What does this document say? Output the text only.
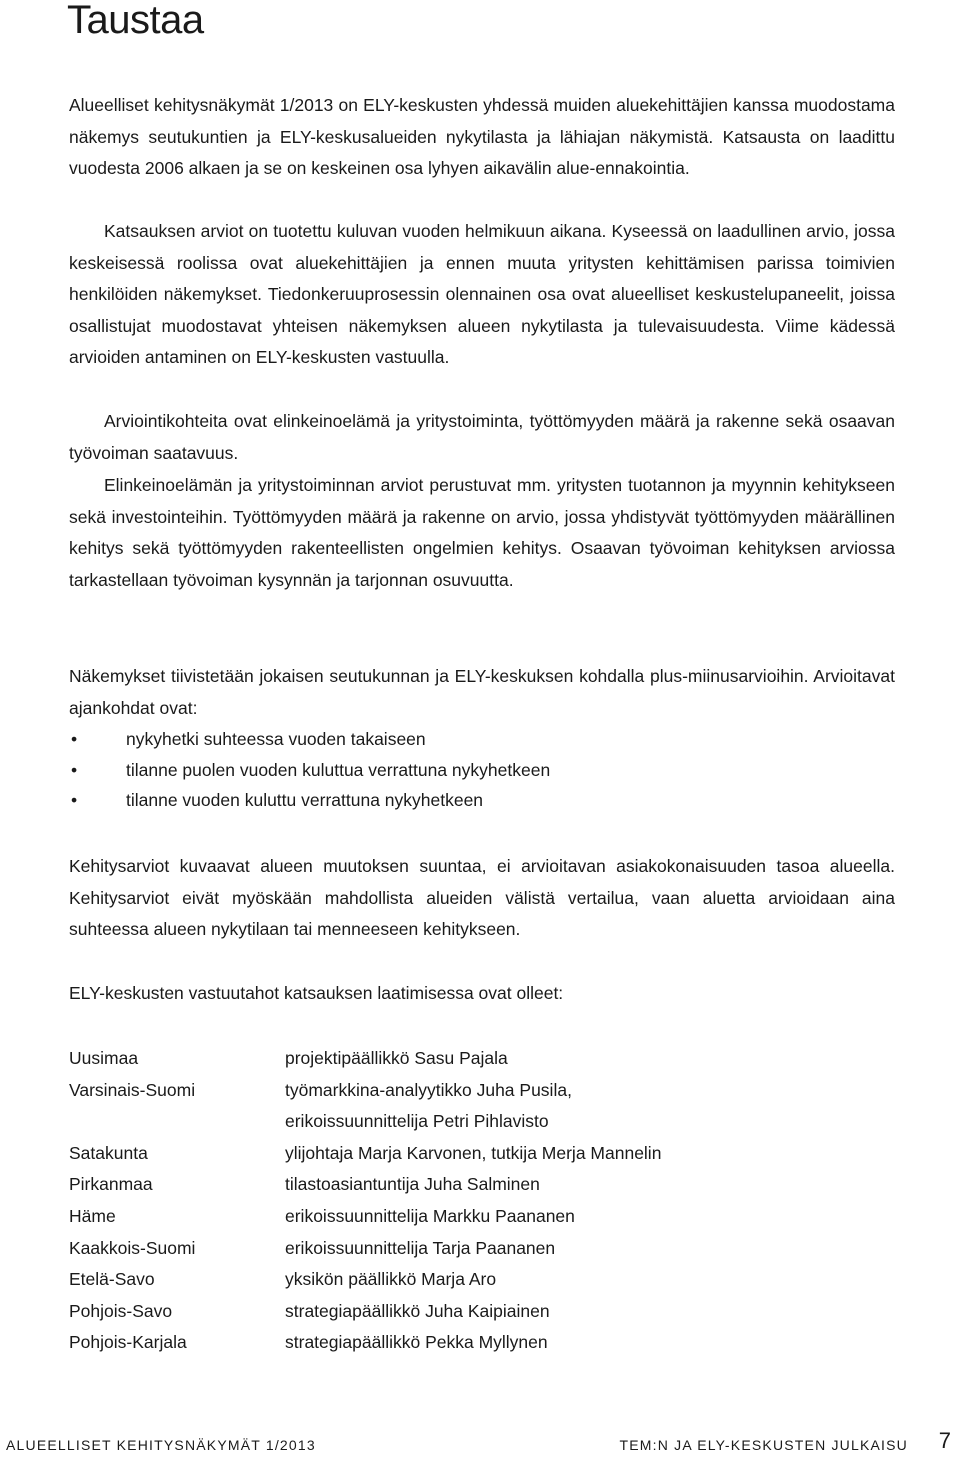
Taustaa

Alueelliset kehitysnäkymät 1/2013 on ELY-keskusten yhdessä muiden aluekehittäjien kanssa muodostama näkemys seutukuntien ja ELY-keskusalueiden nykytilasta ja lähiajan näkymistä. Katsausta on laadittu vuodesta 2006 alkaen ja se on keskeinen osa lyhyen aikavälin alue-ennakointia.

Katsauksen arviot on tuotettu kuluvan vuoden helmikuun aikana. Kyseessä on laadullinen arvio, jossa keskeisessä roolissa ovat aluekehittäjien ja ennen muuta yritysten kehittämisen parissa toimivien henkilöiden näkemykset. Tiedonkeruuprosessin olennainen osa ovat alueelliset keskustelupaneelit, joissa osallistujat muodostavat yhteisen näkemyksen alueen nykytilasta ja tulevaisuudesta. Viime kädessä arvioiden antaminen on ELY-keskusten vastuulla.

Arviointikohteita ovat elinkeinoelämä ja yritystoiminta, työttömyyden määrä ja rakenne sekä osaavan työvoiman saatavuus.

Elinkeinoelämän ja yritystoiminnan arviot perustuvat mm. yritysten tuotannon ja myynnin kehitykseen sekä investointeihin. Työttömyyden määrä ja rakenne on arvio, jossa yhdistyvät työttömyyden määrällinen kehitys sekä työttömyyden rakenteellisten ongelmien kehitys. Osaavan työvoiman kehityksen arviossa tarkastellaan työvoiman kysynnän ja tarjonnan osuvuutta.

Näkemykset tiivistetään jokaisen seutukunnan ja ELY-keskuksen kohdalla plus-miinusarvioihin. Arvioitavat ajankohdat ovat:

•	nykyhetki suhteessa vuoden takaiseen
•	tilanne puolen vuoden kuluttua verrattuna nykyhetkeen
•	tilanne vuoden kuluttu verrattuna nykyhetkeen

Kehitysarviot kuvaavat alueen muutoksen suuntaa, ei arvioitavan asiakokonaisuuden tasoa alueella. Kehitysarviot eivät myöskään mahdollista alueiden välistä vertailua, vaan aluetta arvioidaan aina suhteessa alueen nykytilaan tai menneeseen kehitykseen.

ELY-keskusten vastuutahot katsauksen laatimisessa ovat olleet:

Uusimaa	projektipäällikkö Sasu Pajala
Varsinais-Suomi	työmarkkina-analyytikko Juha Pusila,
erikoissuunnittelija Petri Pihlavisto
Satakunta	ylijohtaja Marja Karvonen, tutkija Merja Mannelin
Pirkanmaa	tilastoasiantuntija Juha Salminen
Häme	erikoissuunnittelija Markku Paananen
Kaakkois-Suomi	erikoissuunnittelija Tarja Paananen
Etelä-Savo	yksikön päällikkö Marja Aro
Pohjois-Savo	strategiapäällikkö Juha Kaipiainen
Pohjois-Karjala	strategiapäällikkö Pekka Myllynen
ALUEELLISET KEHITYSNÄKYMÄT 1/2013	TEM:N JA ELY-KESKUSTEN JULKAISU 7
